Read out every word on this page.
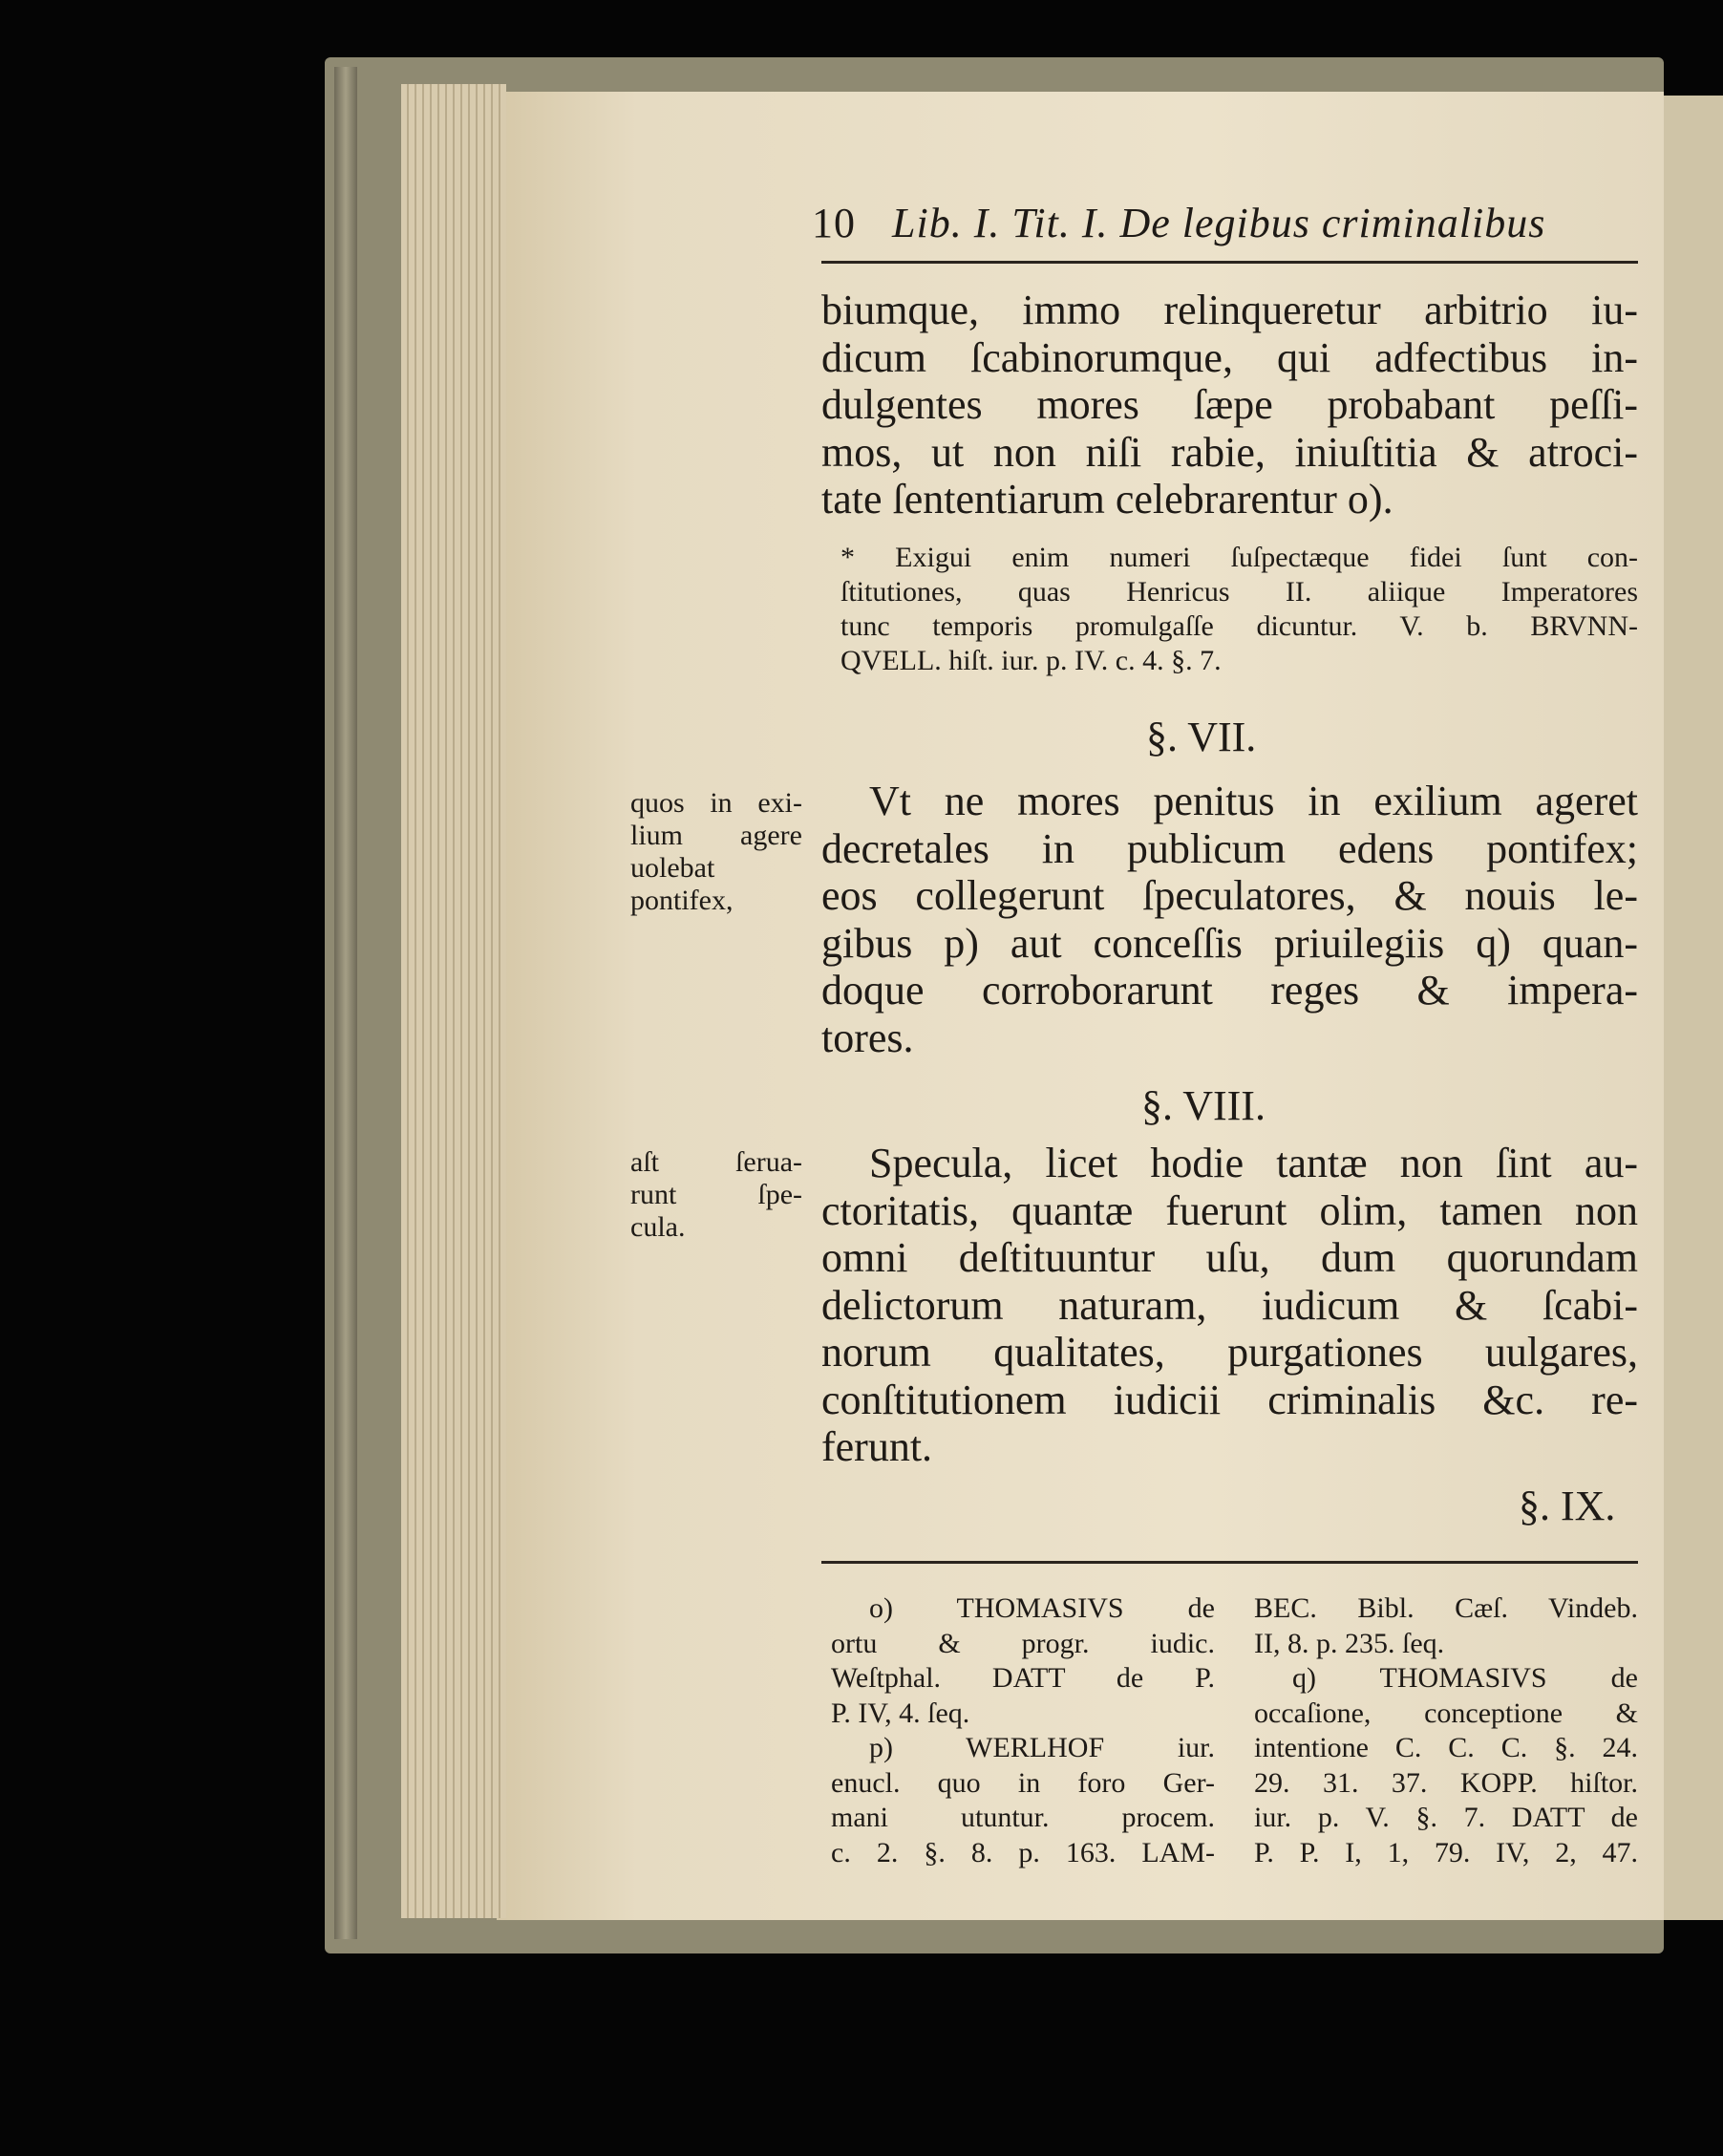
10 Lib. I. Tit. I. De legibus criminalibus
biumque, immo relinqueretur arbitrio iu-
dicum ſcabinorumque, qui adfectibus in-
dulgentes mores ſæpe probabant peſſi-
mos, ut non niſi rabie, iniuſtitia & atroci-
tate ſententiarum celebrarentur o).
* Exigui enim numeri ſuſpectæque fidei ſunt con-
ſtitutiones, quas Henricus II. aliique Imperatores
tunc temporis promulgaſſe dicuntur. V. b. BRVNN-
QVELL. hiſt. iur. p. IV. c. 4. §. 7.
§. VII.
quos in exi-
lium agere
uolebat
pontifex,
Vt ne mores penitus in exilium ageret
decretales in publicum edens pontifex;
eos collegerunt ſpeculatores, & nouis le-
gibus p) aut conceſſis priuilegiis q) quan-
doque corroborarunt reges & impera-
tores.
§. VIII.
aſt ſerua-
runt ſpe-
cula.
Specula, licet hodie tantæ non ſint au-
ctoritatis, quantæ fuerunt olim, tamen non
omni deſtituuntur uſu, dum quorundam
delictorum naturam, iudicum & ſcabi-
norum qualitates, purgationes uulgares,
conſtitutionem iudicii criminalis &c. re-
ferunt.
§. IX.
o) THOMASIVS de
ortu & progr. iudic.
Weſtphal. DATT de P.
P. IV, 4. ſeq.
p) WERLHOF iur.
enucl. quo in foro Ger-
mani utuntur. procem.
c. 2. §. 8. p. 163. LAM-
BEC. Bibl. Cæſ. Vindeb.
II, 8. p. 235. ſeq.
q) THOMASIVS de
occaſione, conceptione &
intentione C. C. C. §. 24.
29. 31. 37. KOPP. hiſtor.
iur. p. V. §. 7. DATT de
P. P. I, 1, 79. IV, 2, 47.
